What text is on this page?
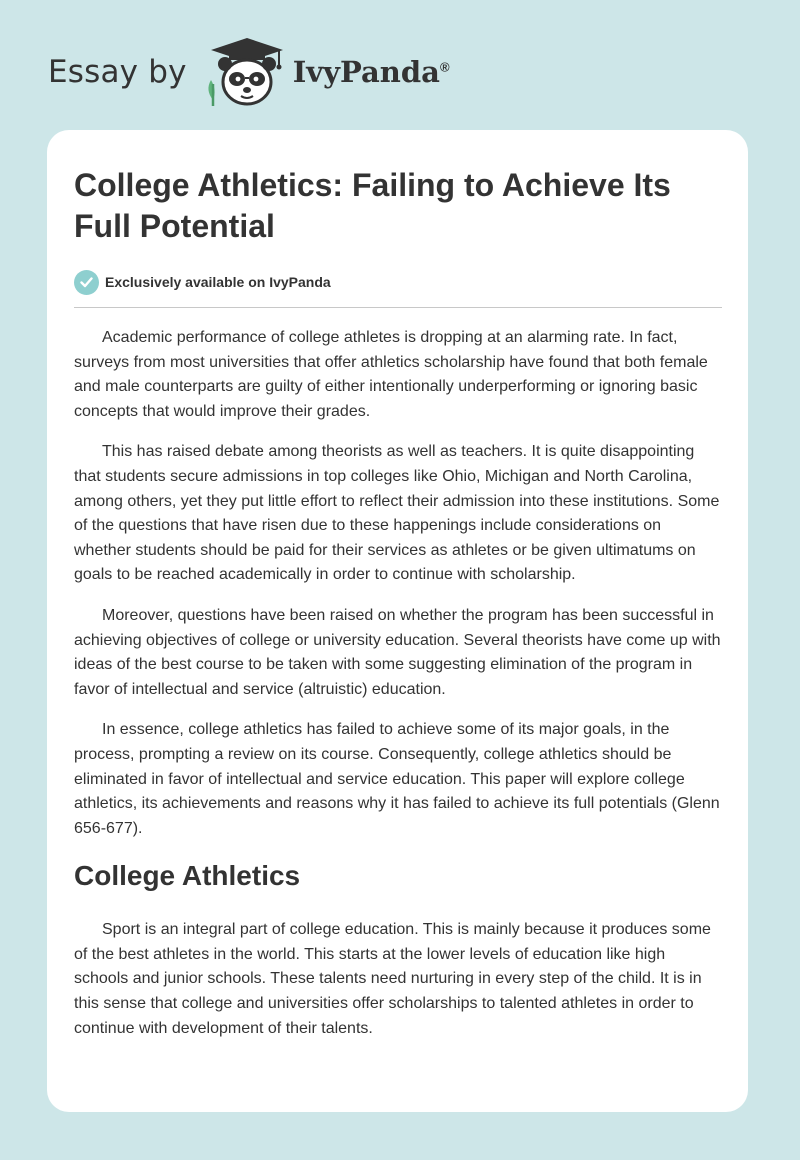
Essay by	IvyPanda®
College Athletics: Failing to Achieve Its Full Potential
Exclusively available on IvyPanda

Academic performance of college athletes is dropping at an alarming rate. In fact, surveys from most universities that offer athletics scholarship have found that both female and male counterparts are guilty of either intentionally underperforming or ignoring basic concepts that would improve their grades.

This has raised debate among theorists as well as teachers. It is quite disappointing that students secure admissions in top colleges like Ohio, Michigan and North Carolina, among others, yet they put little effort to reflect their admission into these institutions. Some of the questions that have risen due to these happenings include considerations on whether students should be paid for their services as athletes or be given ultimatums on goals to be reached academically in order to continue with scholarship.

Moreover, questions have been raised on whether the program has been successful in achieving objectives of college or university education. Several theorists have come up with ideas of the best course to be taken with some suggesting elimination of the program in favor of intellectual and service (altruistic) education.

In essence, college athletics has failed to achieve some of its major goals, in the process, prompting a review on its course. Consequently, college athletics should be eliminated in favor of intellectual and service education. This paper will explore college athletics, its achievements and reasons why it has failed to achieve its full potentials (Glenn 656-677).

College Athletics

Sport is an integral part of college education. This is mainly because it produces some of the best athletes in the world. This starts at the lower levels of education like high schools and junior schools. These talents need nurturing in every step of the child. It is in this sense that college and universities offer scholarships to talented athletes in order to continue with development of their talents.
